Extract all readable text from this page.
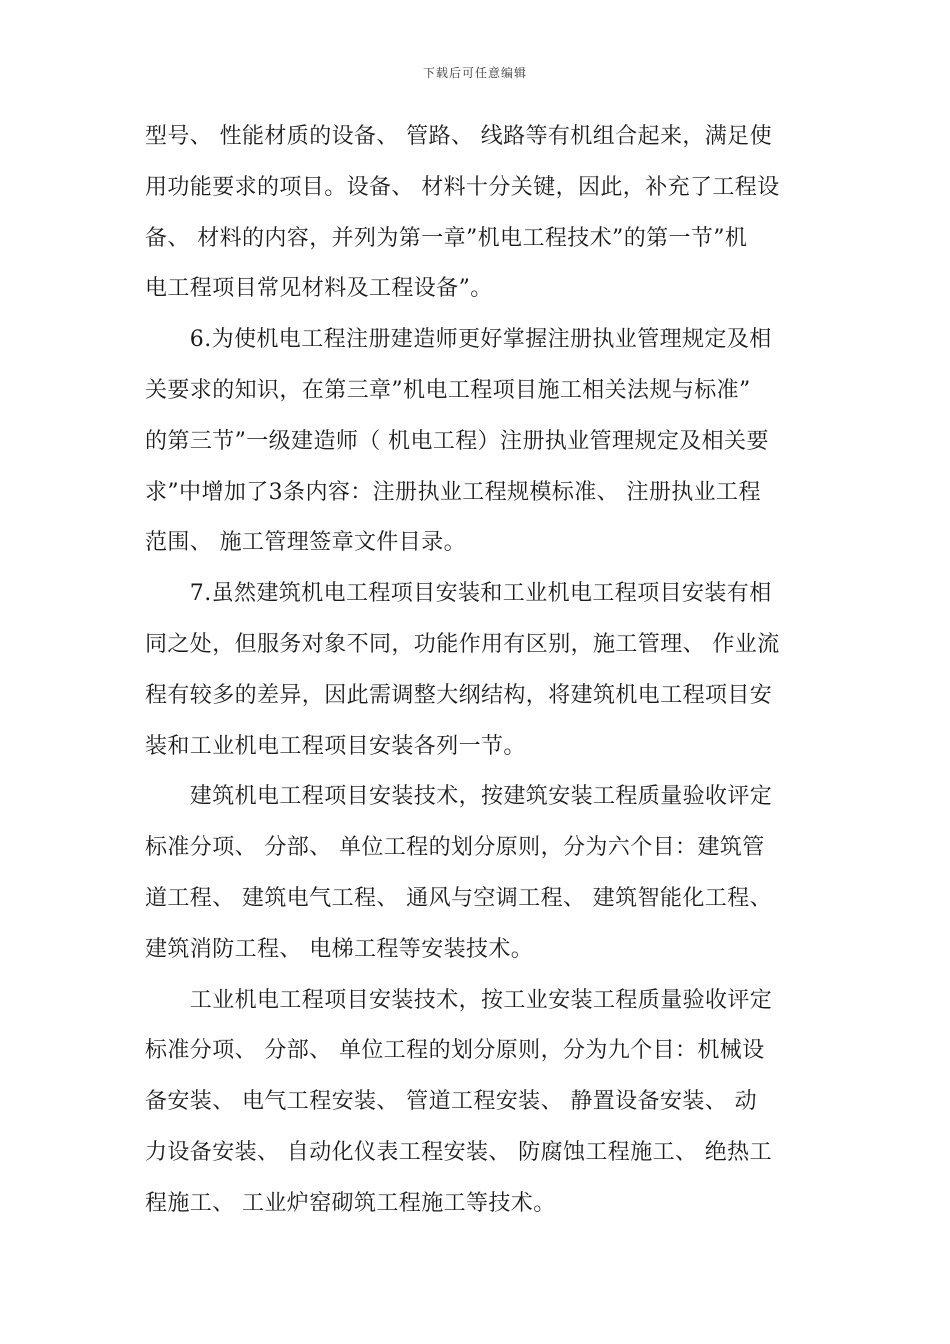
下载后可任意编辑
型号、 性能材质的设备、 管路、 线路等有机组合起来，满足使
用功能要求的项目。设备、 材料十分关键，因此，补充了工程设
备、 材料的内容，并列为第一章”机电工程技术”的第一节”机
电工程项目常见材料及工程设备”。
　　6.为使机电工程注册建造师更好掌握注册执业管理规定及相
关要求的知识，在第三章”机电工程项目施工相关法规与标准”
的第三节”一级建造师（ 机电工程）注册执业管理规定及相关要
求”中增加了3条内容：注册执业工程规模标准、 注册执业工程
范围、 施工管理签章文件目录。
　　7.虽然建筑机电工程项目安装和工业机电工程项目安装有相
同之处，但服务对象不同，功能作用有区别，施工管理、 作业流
程有较多的差异，因此需调整大纲结构，将建筑机电工程项目安
装和工业机电工程项目安装各列一节。
　　建筑机电工程项目安装技术，按建筑安装工程质量验收评定
标准分项、 分部、 单位工程的划分原则，分为六个目：建筑管
道工程、 建筑电气工程、 通风与空调工程、 建筑智能化工程、
建筑消防工程、 电梯工程等安装技术。
　　工业机电工程项目安装技术，按工业安装工程质量验收评定
标准分项、 分部、 单位工程的划分原则，分为九个目：机械设
备安装、 电气工程安装、 管道工程安装、 静置设备安装、 动
力设备安装、 自动化仪表工程安装、 防腐蚀工程施工、 绝热工
程施工、 工业炉窑砌筑工程施工等技术。
